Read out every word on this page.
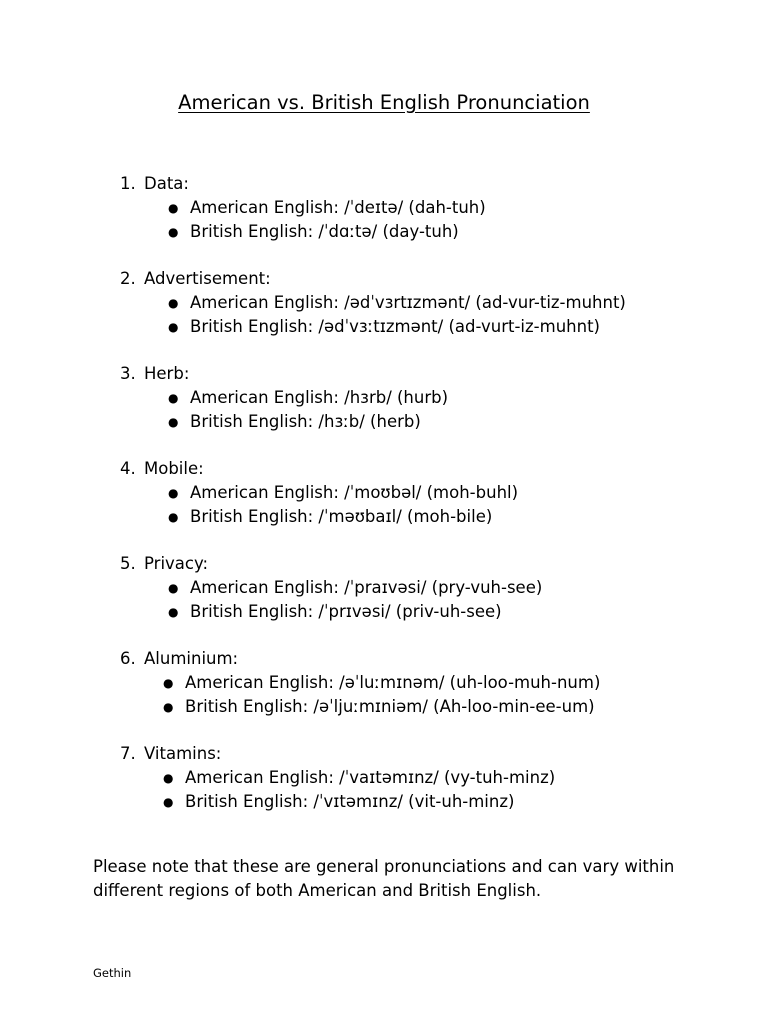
American vs. British English Pronunciation
1. Data:
● American English: /ˈdeɪtə/ (dah-tuh)
● British English: /ˈdɑːtə/ (day-tuh)
2. Advertisement:
● American English: /ədˈvɜrtɪzmənt/ (ad-vur-tiz-muhnt)
● British English: /ədˈvɜːtɪzmənt/ (ad-vurt-iz-muhnt)
3. Herb:
● American English: /hɜrb/ (hurb)
● British English: /hɜːb/ (herb)
4. Mobile:
● American English: /ˈmoʊbəl/ (moh-buhl)
● British English: /ˈməʊbaɪl/ (moh-bile)
5. Privacy:
● American English: /ˈpraɪvəsi/ (pry-vuh-see)
● British English: /ˈprɪvəsi/ (priv-uh-see)
6. Aluminium:
● American English: /əˈluːmɪnəm/ (uh-loo-muh-num)
● British English: /əˈljuːmɪniəm/ (Ah-loo-min-ee-um)
7. Vitamins:
● American English: /ˈvaɪtəmɪnz/ (vy-tuh-minz)
● British English: /ˈvɪtəmɪnz/ (vit-uh-minz)

Please note that these are general pronunciations and can vary within different regions of both American and British English.

Gethin
